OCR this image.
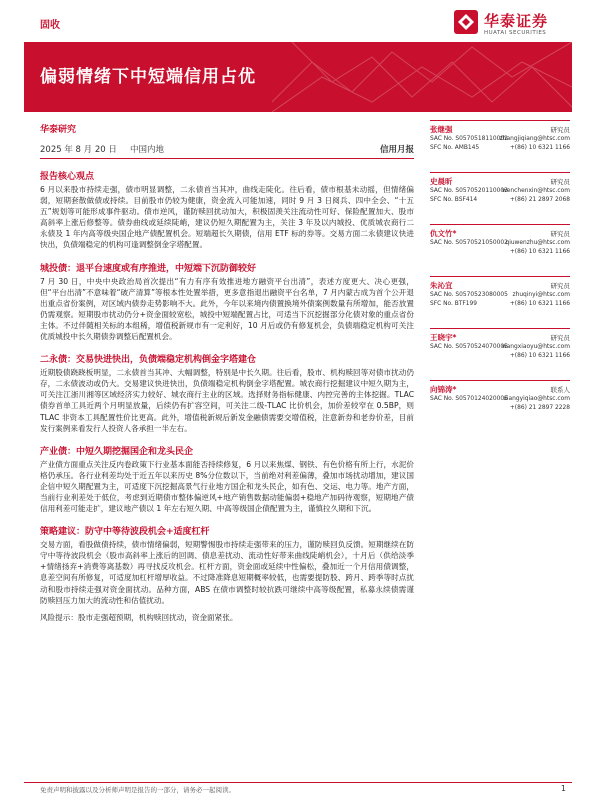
固收	华泰证券
HUATAI SECURITIES
偏弱情绪下中短端信用占优
华泰研究
2025 年 8 月 20 日 中国内地	信用月报
报告核心观点
6 月以来股市持续走强，债市明显调整，二永债首当其冲，曲线走陡化。往后看，债市根基未动摇，但情绪偏弱，短期套散做债或持续。目前股市仍较为健康，资金流入可能加速，同时 9 月 3 日阅兵、四中全会、“十五五”规划等可能形成事件驱动。债市逆风，谨防赎回扰动加大，积极固羡关注流动性可好、保险配置加大、股市高斜率上涨后修整等。债券曲线或延续陡峭，建议仍短久期配置为主，关注 3 年及以内城投、优质城农商行二永债及 1 年内高等级央国企地产债配置机会。短端超长久期债，信用 ETF 标的券等。交易方面二永债建议快进快出，负债端稳定的机构可逢调整倒金字塔配置。
城投债：退平台速度或有序推进，中短端下沉防御较好
7 月 30 日，中央中央政治局首次提出“有力有序有效推进地方融资平台出清”，表述方度更大、决心更强，但“平台出清”不意味着“破产清算”等根本性处置举措，更多意指退出融资平台名单，7 月内蒙古成为首个公开退出重点省份案例，对区域内债券走势影响不大。此外，今年以来境内债置换境外债案例数量有所增加，能否放置仍需观察。短期股市扰动仍分+资金面较宽松，城投中短端配置占比，可适当下沉挖掘部分化债对象的重点省份主体。不过伴随相关标的本组稀，增值税新规市有一定利好，10 月后或仍有修复机会，负债端稳定机构可关注优质城投中长久期债券调整后配置机会。
二永债：交易快进快出，负债端稳定机构倒金字塔建仓
近期股债跷跷板明显，二永债首当其冲、大幅调整，特别是中长久期。往后看，股市、机构赎回等对债市扰动仍存，二永债波动或仍大。交易建议快进快出，负债端稳定机构倒金字塔配置。城农商行挖掘建议中短久期为主，可关注江浙川湘等区域经济实力较好、城农商行主业的区域。选择财务指标健康、内控完善的主体挖掘。TLAC 债券首单工具近两个月明显放量，后续仍有扩容空间，可关注二级-TLAC 比价机会，加价差较窄在 0.5BP，则 TLAC 非资本工具配置性价比更高。此外，增值税新规后新发金融债需要交增值税，注意新券和老券价差，目前发行案例来看发行人投资人各承担一半左右。
产业债：中短久期挖掘国企和龙头民企
产业债方面重点关注反内卷政策下行业基本面能否持续修复，6 月以来焦煤、钢铁、有色价格有所上行，水泥价格仍承压。各行业利差均处于近五年以来历史 8%分位数以下，当前绝对利差偏薄，叠加市场扰动增加，建议国企信中短久期配置为主，可适度下沉挖掘高景气行业地方国企和龙头民企，如有色、交运、电力等。地产方面，当前行业利差处于低位，考虑到近期债市整体偏逆风+地产销售数据动能偏弱+稳地产加码待观察，短期地产债信用利差可能走扩，建议地产债以 1 年左右短久期、中高等级国企债配置为主，谨慎拉久期和下沉。
策略建议：防守中等待波段机会+适度杠杆
交易方面，看股做债持续，债市情绪偏弱，短期警惕股市持续走强带来的压力，谨防赎回负反馈。短期继续在防守中等待波段机会（股市高斜率上涨后的回调、债息差扰动、流动性好带来曲线陡峭机会），十月后（供给淡季+情绪扬弃+消费等离基数）再寻找反攻机会。杠杆方面，资金面或延续中性偏松，叠加近一个月信用债调整，息差空间有所修复，可适度加杠杆增厚收益。不过降准降息短期概率较低，也需要提防股、跨月、跨季等时点扰动和股市持续走强对资金面扰动。品种方面，ABS 在债市调整时较抗跌可继续中高等级配置，私募永续债需谨防赎回压力加大的流动性和估值扰动。
风险提示：股市走强超预期，机构赎回扰动，资金面紧张。
张继强	研究员
SAC No. S0570518110002
zhangjiqiang@htsc.com
SFC No. AMB145	+(86) 10 6321 1166
史晨昕	研究员
SAC No. S0570520110003
wenchenxin@htsc.com
SFC No. BSF414	+(86) 21 2897 2068
仇文竹*	研究员
SAC No. S0570521050002
qiuwenzhu@htsc.com
+(86) 10 6321 1166
朱沁宜	研究员
SAC No. S0570523080005 zhuqinyi@htsc.com
SFC No. BTF199	+(86) 10 6321 1166
王晓宇*	研究员
SAC No. S0570524070005
wangxiaoyu@htsc.com
+(86) 10 6321 1166
向锦涛*	联系人
SAC No. S0570124020005
xiangyiqiao@htsc.com
+(86) 21 2897 2228
免责声明和披露以及分析师声明是报告的一部分，请务必一起阅读。	1
